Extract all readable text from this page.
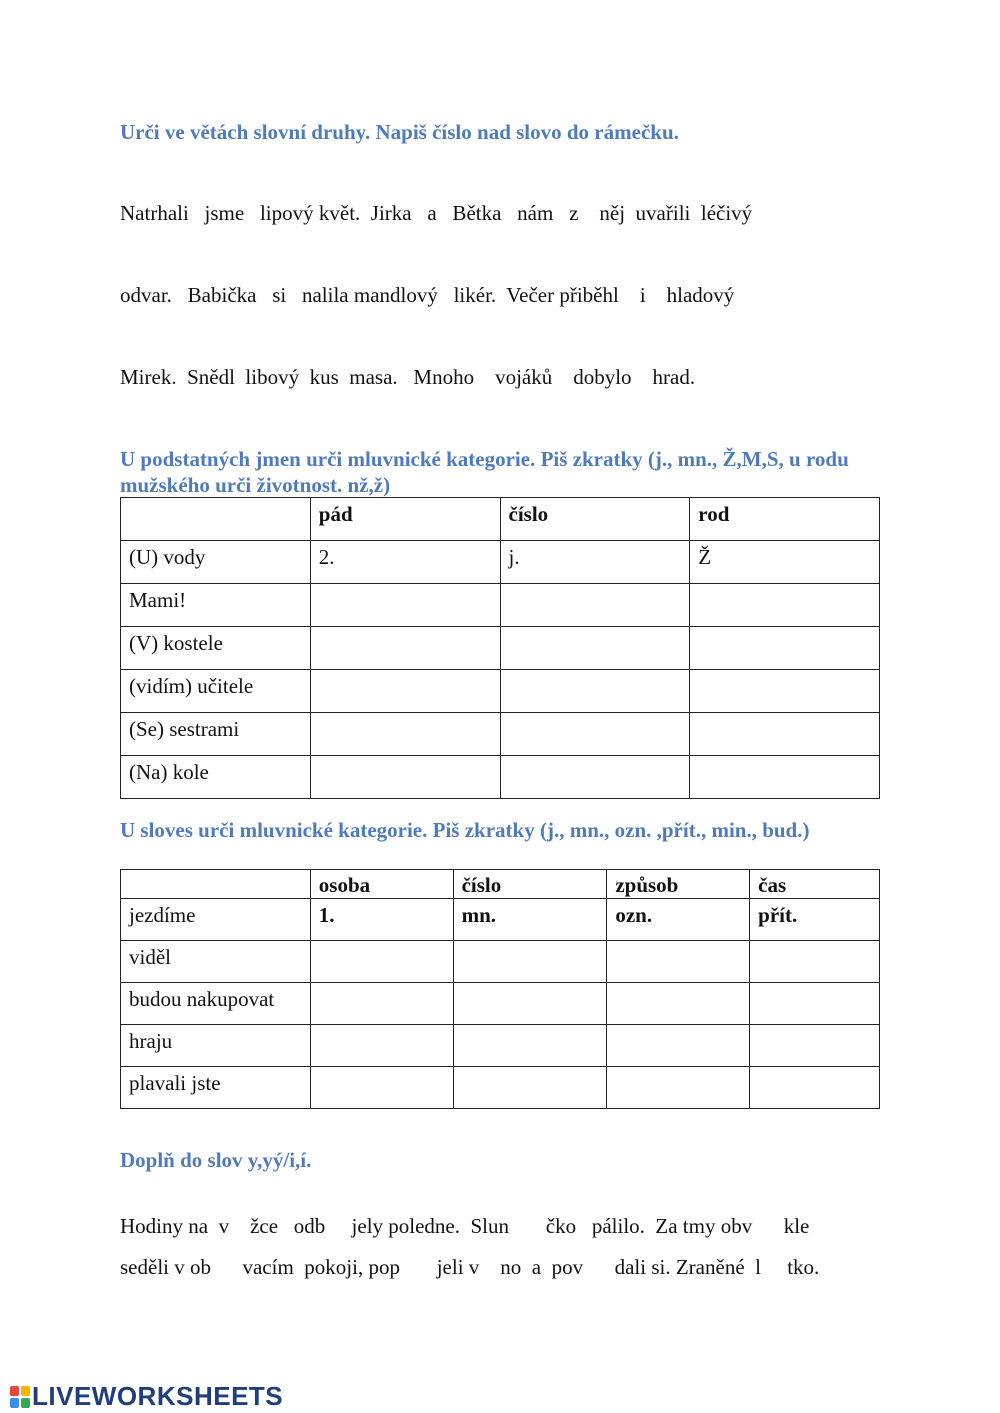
Urči ve větách slovní druhy. Napiš číslo nad slovo do rámečku.

Natrhali   jsme   lipový květ.  Jirka   a   Bětka   nám   z    něj  uvařili  léčivý

odvar.   Babička   si   nalila mandlový   likér.  Večer přiběhl    i    hladový

Mirek.  Snědl  libový  kus  masa.   Mnoho    vojáků    dobylo    hrad.

U podstatných jmen urči mluvnické kategorie. Piš zkratky (j., mn., Ž,M,S, u rodu mužského urči životnost. nž,ž)

	pád	číslo	rod
(U) vody	2.	j.	Ž
Mami!			
(V) kostele			
(vidím) učitele			
(Se) sestrami			
(Na) kole			

U sloves urči mluvnické kategorie. Piš zkratky (j., mn., ozn. ,přít., min., bud.)

	osoba	číslo	způsob	čas
jezdíme	1.	mn.	ozn.	přít.
viděl				
budou nakupovat				
hraju				
plavali jste				

Doplň do slov y,yý/i,í.

Hodiny na  v    žce   odb     jely poledne.  Slun       čko   pálilo.  Za tmy obv      kle

seděli v ob      vacím  pokoji, pop       jeli v    no  a  pov      dali si. Zraněné  l     tko.

LIVEWORKSHEETS
